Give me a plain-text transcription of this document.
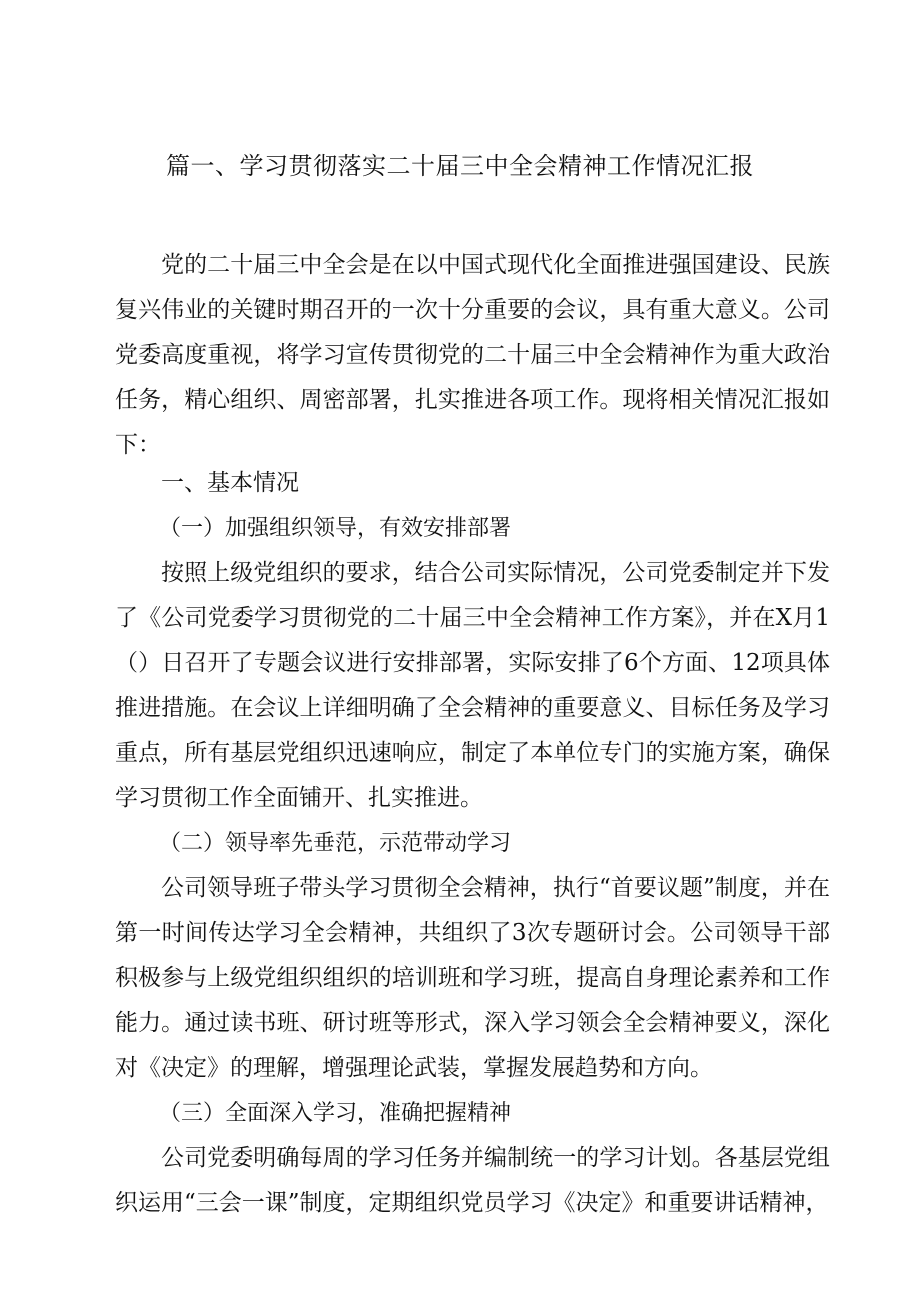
篇一、学习贯彻落实二十届三中全会精神工作情况汇报

党的二十届三中全会是在以中国式现代化全面推进强国建设、民族复兴伟业的关键时期召开的一次十分重要的会议，具有重大意义。公司党委高度重视，将学习宣传贯彻党的二十届三中全会精神作为重大政治任务，精心组织、周密部署，扎实推进各项工作。现将相关情况汇报如下：

一、基本情况

（一）加强组织领导，有效安排部署

按照上级党组织的要求，结合公司实际情况，公司党委制定并下发了《公司党委学习贯彻党的二十届三中全会精神工作方案》，并在X月1（）日召开了专题会议进行安排部署，实际安排了6个方面、12项具体推进措施。在会议上详细明确了全会精神的重要意义、目标任务及学习重点，所有基层党组织迅速响应，制定了本单位专门的实施方案，确保学习贯彻工作全面铺开、扎实推进。

（二）领导率先垂范，示范带动学习

公司领导班子带头学习贯彻全会精神，执行“首要议题”制度，并在第一时间传达学习全会精神，共组织了3次专题研讨会。公司领导干部积极参与上级党组织组织的培训班和学习班，提高自身理论素养和工作能力。通过读书班、研讨班等形式，深入学习领会全会精神要义，深化对《决定》的理解，增强理论武装，掌握发展趋势和方向。

（三）全面深入学习，准确把握精神

公司党委明确每周的学习任务并编制统一的学习计划。各基层党组织运用“三会一课”制度，定期组织党员学习《决定》和重要讲话精神，
